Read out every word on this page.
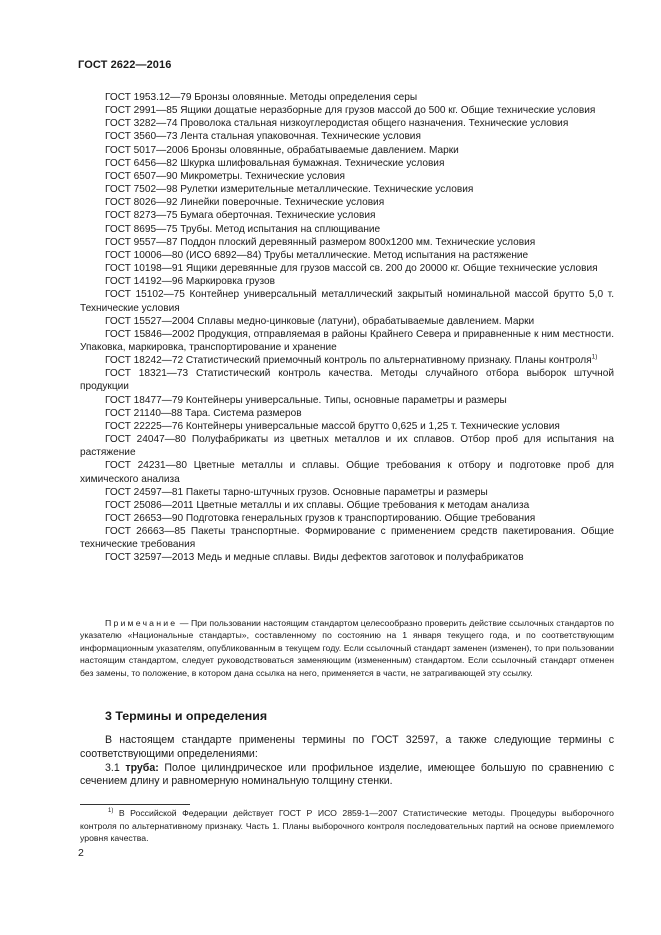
ГОСТ 2622—2016

ГОСТ 1953.12—79 Бронзы оловянные. Методы определения серы

ГОСТ 2991—85 Ящики дощатые неразборные для грузов массой до 500 кг. Общие технические условия

ГОСТ 3282—74 Проволока стальная низкоуглеродистая общего назначения. Технические условия

ГОСТ 3560—73 Лента стальная упаковочная. Технические условия

ГОСТ 5017—2006 Бронзы оловянные, обрабатываемые давлением. Марки

ГОСТ 6456—82 Шкурка шлифовальная бумажная. Технические условия

ГОСТ 6507—90 Микрометры. Технические условия

ГОСТ 7502—98 Рулетки измерительные металлические. Технические условия

ГОСТ 8026—92 Линейки поверочные. Технические условия

ГОСТ 8273—75 Бумага оберточная. Технические условия

ГОСТ 8695—75 Трубы. Метод испытания на сплющивание

ГОСТ 9557—87 Поддон плоский деревянный размером 800х1200 мм. Технические условия

ГОСТ 10006—80 (ИСО 6892—84) Трубы металлические. Метод испытания на растяжение

ГОСТ 10198—91 Ящики деревянные для грузов массой св. 200 до 20000 кг. Общие технические условия

ГОСТ 14192—96 Маркировка грузов

ГОСТ 15102—75 Контейнер универсальный металлический закрытый номинальной массой брутто 5,0 т. Технические условия

ГОСТ 15527—2004 Сплавы медно-цинковые (латуни), обрабатываемые давлением. Марки

ГОСТ 15846—2002 Продукция, отправляемая в районы Крайнего Севера и приравненные к ним местности. Упаковка, маркировка, транспортирование и хранение

ГОСТ 18242—72 Статистический приемочный контроль по альтернативному признаку. Планы контроля$^{1)}$

ГОСТ 18321—73 Статистический контроль качества. Методы случайного отбора выборок штучной продукции

ГОСТ 18477—79 Контейнеры универсальные. Типы, основные параметры и размеры

ГОСТ 21140—88 Тара. Система размеров

ГОСТ 22225—76 Контейнеры универсальные массой брутто 0,625 и 1,25 т. Технические условия

ГОСТ 24047—80 Полуфабрикаты из цветных металлов и их сплавов. Отбор проб для испытания на растяжение

ГОСТ 24231—80 Цветные металлы и сплавы. Общие требования к отбору и подготовке проб для химического анализа

ГОСТ 24597—81 Пакеты тарно-штучных грузов. Основные параметры и размеры

ГОСТ 25086—2011 Цветные металлы и их сплавы. Общие требования к методам анализа

ГОСТ 26653—90 Подготовка генеральных грузов к транспортированию. Общие требования

ГОСТ 26663—85 Пакеты транспортные. Формирование с применением средств пакетирования. Общие технические требования

ГОСТ 32597—2013 Медь и медные сплавы. Виды дефектов заготовок и полуфабрикатов

Примечание — При пользовании настоящим стандартом целесообразно проверить действие ссылочных стандартов по указателю «Национальные стандарты», составленному по состоянию на 1 января текущего года, и по соответствующим информационным указателям, опубликованным в текущем году. Если ссылочный стандарт заменен (изменен), то при пользовании настоящим стандартом, следует руководствоваться заменяющим (измененным) стандартом. Если ссылочный стандарт отменен без замены, то положение, в котором дана ссылка на него, применяется в части, не затрагивающей эту ссылку.

3 Термины и определения

В настоящем стандарте применены термины по ГОСТ 32597, а также следующие термины с соответствующими определениями:

3.1 труба: Полое цилиндрическое или профильное изделие, имеющее большую по сравнению с сечением длину и равномерную номинальную толщину стенки.

$^{1)}$ В Российской Федерации действует ГОСТ Р ИСО 2859-1—2007 Статистические методы. Процедуры выборочного контроля по альтернативному признаку. Часть 1. Планы выборочного контроля последовательных партий на основе приемлемого уровня качества.

2
